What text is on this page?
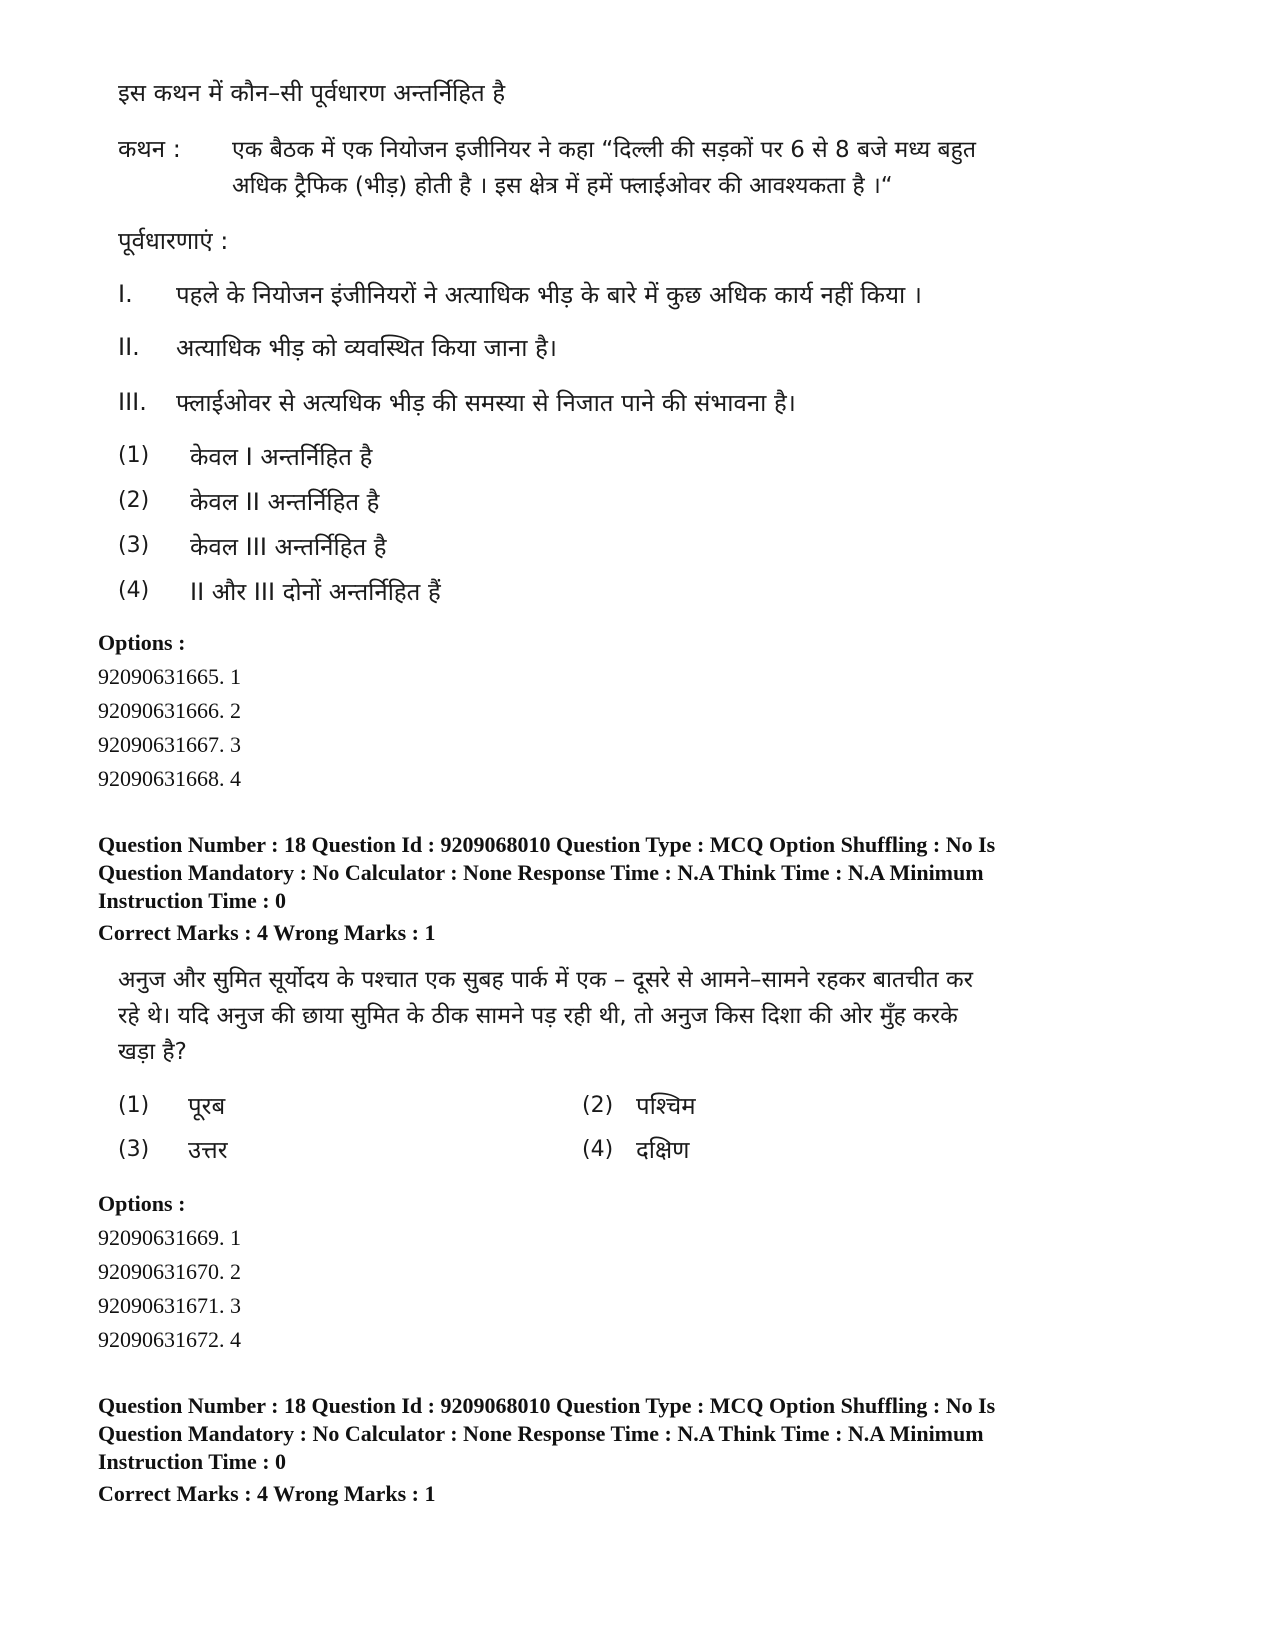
इस कथन में कौन–सी पूर्वधारण अन्तर्निहित है
कथन : एक बैठक में एक नियोजन इजीनियर ने कहा “दिल्ली की सड़कों पर 6 से 8 बजे मध्य बहुत
अधिक ट्रैफिक (भीड़) होती है । इस क्षेत्र में हमें फ्लाईओवर की आवश्यकता है ।“
पूर्वधारणाएं :
I. पहले के नियोजन इंजीनियरों ने अत्याधिक भीड़ के बारे में कुछ अधिक कार्य नहीं किया ।
II. अत्याधिक भीड़ को व्यवस्थित किया जाना है।
III. फ्लाईओवर से अत्यधिक भीड़ की समस्या से निजात पाने की संभावना है।
(1) केवल I अन्तर्निहित है
(2) केवल II अन्तर्निहित है
(3) केवल III अन्तर्निहित है
(4) II और III दोनों अन्तर्निहित हैं
Options :
92090631665. 1
92090631666. 2
92090631667. 3
92090631668. 4
Question Number : 18 Question Id : 9209068010 Question Type : MCQ Option Shuffling : No Is
Question Mandatory : No Calculator : None Response Time : N.A Think Time : N.A Minimum
Instruction Time : 0
Correct Marks : 4 Wrong Marks : 1
अनुज और सुमित सूर्योदय के पश्चात एक सुबह पार्क में एक – दूसरे से आमने–सामने रहकर बातचीत कर
रहे थे। यदि अनुज की छाया सुमित के ठीक सामने पड़ रही थी, तो अनुज किस दिशा की ओर मुँह करके
खड़ा है?
(1) पूरब	(2) पश्चिम
(3) उत्तर	(4) दक्षिण
Options :
92090631669. 1
92090631670. 2
92090631671. 3
92090631672. 4
Question Number : 18 Question Id : 9209068010 Question Type : MCQ Option Shuffling : No Is
Question Mandatory : No Calculator : None Response Time : N.A Think Time : N.A Minimum
Instruction Time : 0
Correct Marks : 4 Wrong Marks : 1
